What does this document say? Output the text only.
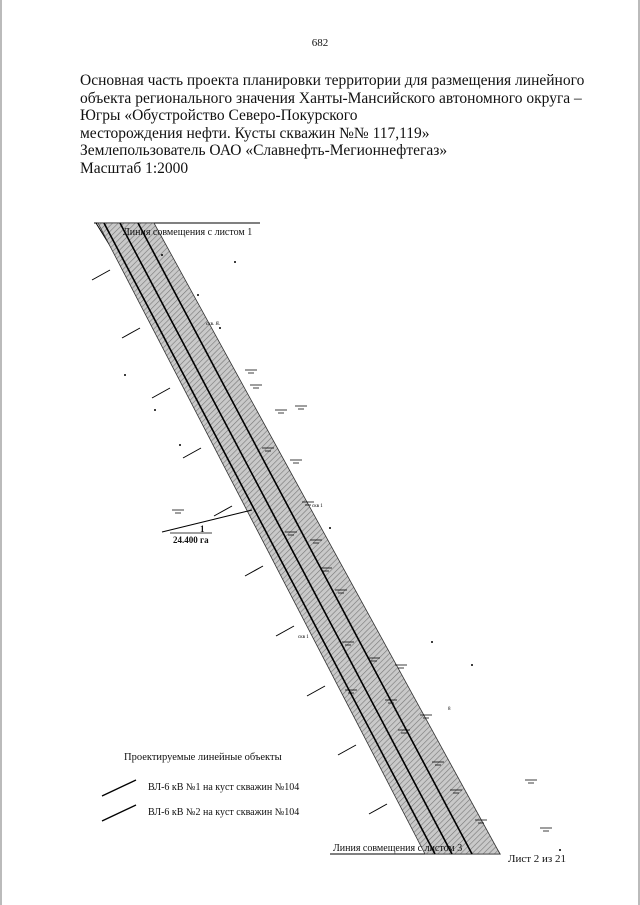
682
Основная часть проекта планировки территории для размещения линейного
объекта регионального значения Ханты-Мансийского автономного округа –
Югры «Обустройство Северо-Покурского
месторождения нефти. Кусты скважин №№ 117,119»
Землепользователь ОАО «Славнефть-Мегионнефтегаз»
Масштаб 1:2000
скв. Я.
скв 1
скв 1
8
Линия совмещения с листом 1
Линия совмещения с листом 3
1
24.400 га
Проектируемые линейные объекты
ВЛ-6 кВ №1 на куст скважин №104
ВЛ-6 кВ №2 на куст скважин №104
Лист 2 из 21
